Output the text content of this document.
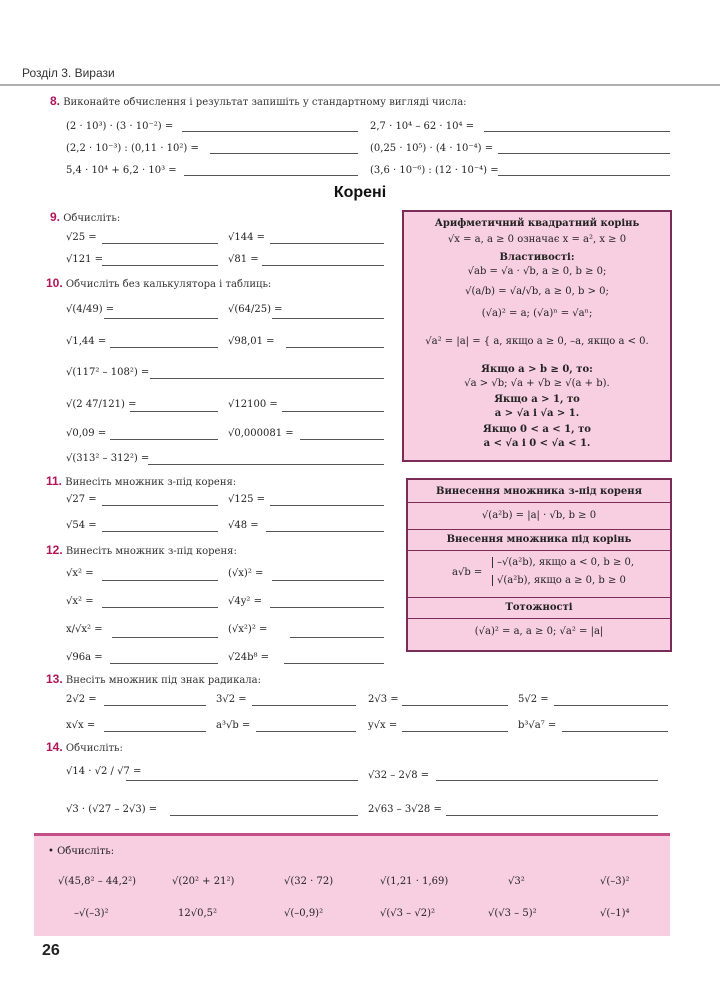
Розділ 3. Вирази
8. Виконайте обчислення і результат запишіть у стандартному вигляді числа:
(2 · 10³) · (3 · 10⁻²) =	2,7 · 10⁴ – 62 · 10⁴ =
(2,2 · 10⁻³) : (0,11 · 10²) =	(0,25 · 10⁵) · (4 · 10⁻⁴) =
5,4 · 10⁴ + 6,2 · 10³ =	(3,6 · 10⁻⁶) : (12 · 10⁻⁴) =
Корені
9. Обчисліть:
√25 =	√144 =
√121 =	√81 =
10. Обчисліть без калькулятора і таблиць:
√(4/49) =	√(64/25) =
√1,44 =	√98,01 =
√(117² – 108²) =
√(2 47/121) =	√12100 =
√0,09 =	√0,000081 =
√(313² – 312²) =
11. Винесіть множник з-під кореня:
√27 =	√125 =
√54 =	√48 =
12. Винесіть множник з-під кореня:
√x² =	(√x)² =
√x² =	√4y² =
x/√x² =	(√x²)² =
√96a =	√24b⁸ =
13. Внесіть множник під знак радикала:
2√2 =	3√2 =	2√3 =	5√2 =
x√x =	a³√b =	y√x =	b³√a⁷ =
14. Обчисліть:
√14 · √2 / √7 =	√32 – 2√8 =
√3 · (√27 – 2√3) =	2√63 – 3√28 =
Арифметичний квадратний корінь
√x = a, a ≥ 0 означає x = a², x ≥ 0
Властивості:
√ab = √a · √b, a ≥ 0, b ≥ 0;
√(a/b) = √a/√b, a ≥ 0, b > 0;
(√a)² = a; (√a)ⁿ = √aⁿ;
√a² = |a| = { a, якщо a ≥ 0, –a, якщо a < 0.
Якщо a > b ≥ 0, то:
√a > √b; √a + √b ≥ √(a + b).
Якщо a > 1, то
a > √a і √a > 1.
Якщо 0 < a < 1, то
a < √a і 0 < √a < 1.
Винесення множника з-під кореня
√(a²b) = |a| · √b, b ≥ 0
Внесення множника під корінь
a√b =
–√(a²b), якщо a < 0, b ≥ 0,
√(a²b), якщо a ≥ 0, b ≥ 0
Тотожності
(√a)² = a, a ≥ 0; √a² = |a|
• Обчисліть:
√(45,8² – 44,2²)	√(20² + 21²)	√(32 · 72)	√(1,21 · 1,69)	√3²	√(–3)²
–√(–3)²	12√0,5²	√(–0,9)²	√(√3 – √2)²	√(√3 – 5)²	√(–1)⁴
26
